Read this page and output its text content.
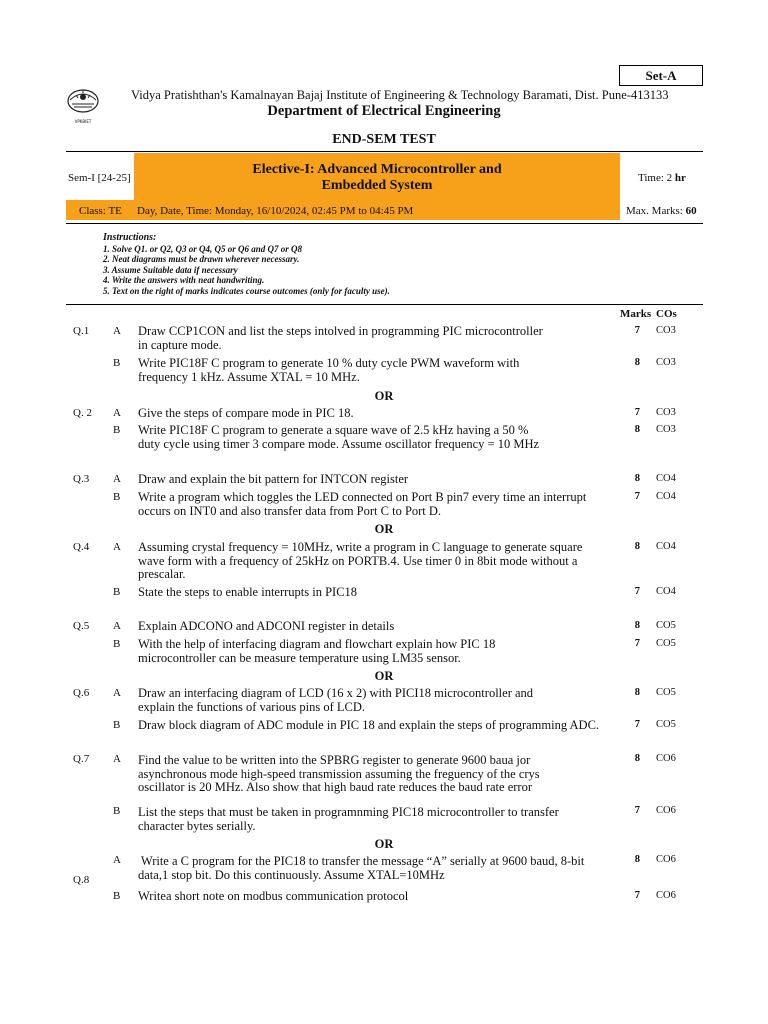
Set-A
VPKBIET
Vidya Pratishthan's Kamalnayan Bajaj Institute of Engineering & Technology Baramati, Dist. Pune-413133
Department of Electrical Engineering
END-SEM TEST
Elective-I: Advanced Microcontroller and
Embedded System
Sem-I [24-25]	Time: 2 hr
Class: TE Day, Date, Time: Monday, 16/10/2024, 02:45 PM to 04:45 PM	Max. Marks: 60
Instructions:
1. Solve Q1. or Q2, Q3 or Q4, Q5 or Q6 and Q7 or Q8
2. Neat diagrams must be drawn wherever necessary.
3. Assume Suitable data if necessary
4. Write the answers with neat handwriting.
5. Text on the right of marks indicates course outcomes (only for faculty use).
Marks COs
Q.1 A Draw CCP1CON and list the steps intolved in programming PIC microcontroller
in capture mode.
7 CO3
B Write PIC18F C program to generate 10 % duty cycle PWM waveform with
frequency 1 kHz. Assume XTAL = 10 MHz.
8 CO3
OR
Q. 2 A Give the steps of compare mode in PIC 18.	7 CO3
B Write PIC18F C program to generate a square wave of 2.5 kHz having a 50 %
duty cycle using timer 3 compare mode. Assume oscillator frequency = 10 MHz
8 CO3
Q.3 A Draw and explain the bit pattern for INTCON register	8 CO4
B Write a program which toggles the LED connected on Port B pin7 every time an interrupt
occurs on INT0 and also transfer data from Port C to Port D.
7 CO4
OR
Q.4 A Assuming crystal frequency = 10MHz, write a program in C language to generate square
wave form with a frequency of 25kHz on PORTB.4. Use timer 0 in 8bit mode without a
prescalar.
8 CO4
B State the steps to enable interrupts in PIC18	7 CO4
Q.5 A Explain ADCONO and ADCONI register in details	8 CO5
B With the help of interfacing diagram and flowchart explain how PIC 18
microcontroller can be measure temperature using LM35 sensor.
7 CO5
OR
Q.6 A Draw an interfacing diagram of LCD (16 x 2) with PICI18 microcontroller and
explain the functions of various pins of LCD.
8 CO5
B Draw block diagram of ADC module in PIC 18 and explain the steps of programming ADC.	7 CO5
Q.7 A Find the value to be written into the SPBRG register to generate 9600 baua jor
asynchronous mode high-speed transmission assuming the freguency of the crys
oscillator is 20 MHz. Also show that high baud rate reduces the baud rate error
8 CO6
B List the steps that must be taken in programnming PIC18 microcontroller to transfer
character bytes serially.
7 CO6
OR
Q.8
A Write a C program for the PIC18 to transfer the message “A” serially at 9600 baud, 8-bit
data,1 stop bit. Do this continuously. Assume XTAL=10MHz
8 CO6
B Writea short note on modbus communication protocol	7 CO6
